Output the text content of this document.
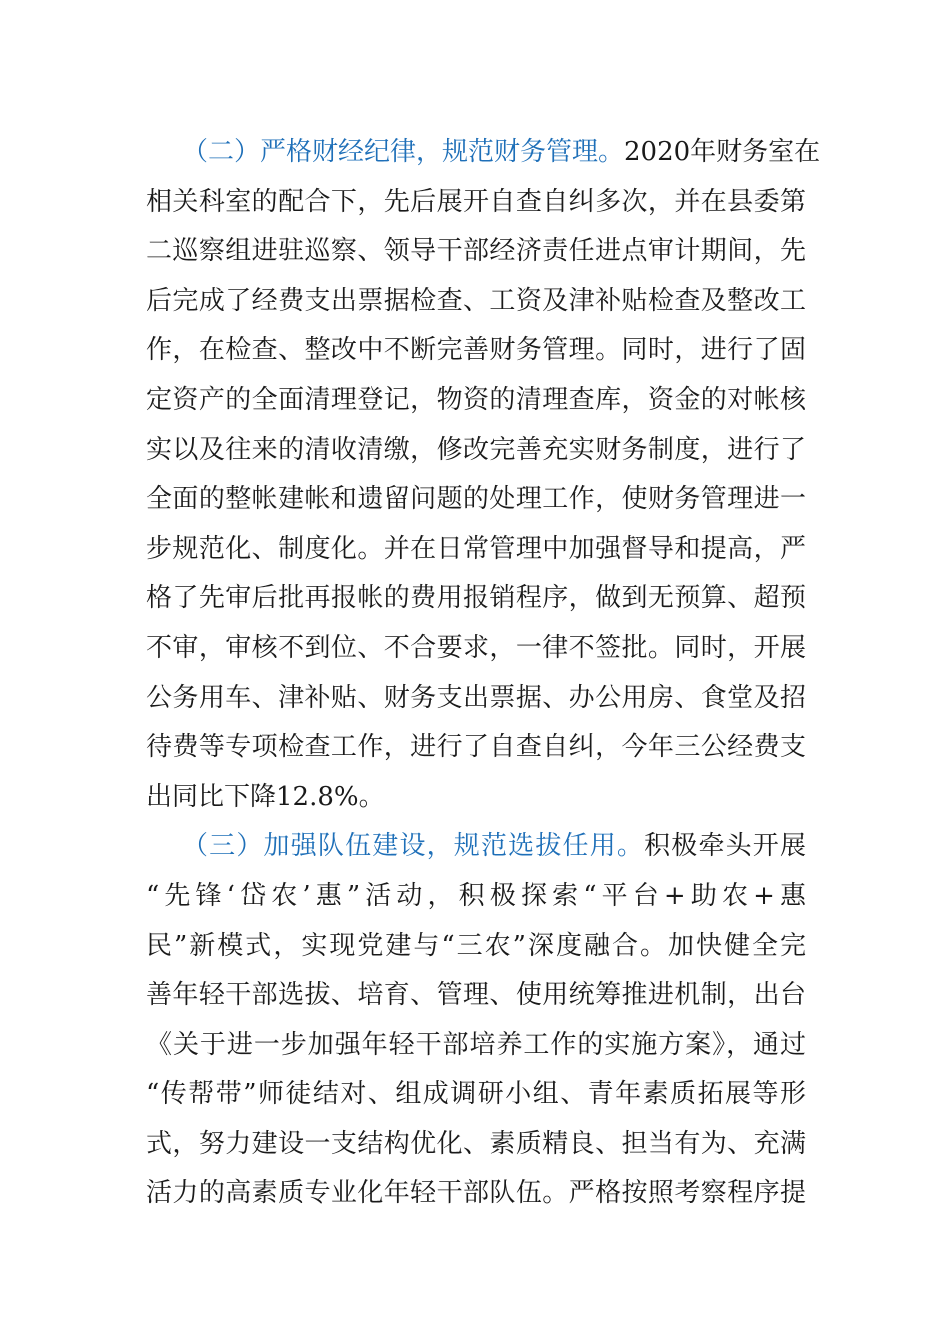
（二）严格财经纪律，规范财务管理。2020年财务室在
相关科室的配合下，先后展开自查自纠多次，并在县委第
二巡察组进驻巡察、领导干部经济责任进点审计期间，先
后完成了经费支出票据检查、工资及津补贴检查及整改工
作，在检查、整改中不断完善财务管理。同时，进行了固
定资产的全面清理登记，物资的清理查库，资金的对帐核
实以及往来的清收清缴，修改完善充实财务制度，进行了
全面的整帐建帐和遗留问题的处理工作，使财务管理进一
步规范化、制度化。并在日常管理中加强督导和提高，严
格了先审后批再报帐的费用报销程序，做到无预算、超预
不审，审核不到位、不合要求，一律不签批。同时，开展
公务用车、津补贴、财务支出票据、办公用房、食堂及招
待费等专项检查工作，进行了自查自纠，今年三公经费支
出同比下降12.8%。
（三）加强队伍建设，规范选拔任用。积极牵头开展
“先锋‘岱农’惠”活动，积极探索“平台+助农+惠
民”新模式，实现党建与“三农”深度融合。加快健全完
善年轻干部选拔、培育、管理、使用统筹推进机制，出台
《关于进一步加强年轻干部培养工作的实施方案》，通过
“传帮带”师徒结对、组成调研小组、青年素质拓展等形
式，努力建设一支结构优化、素质精良、担当有为、充满
活力的高素质专业化年轻干部队伍。严格按照考察程序提
